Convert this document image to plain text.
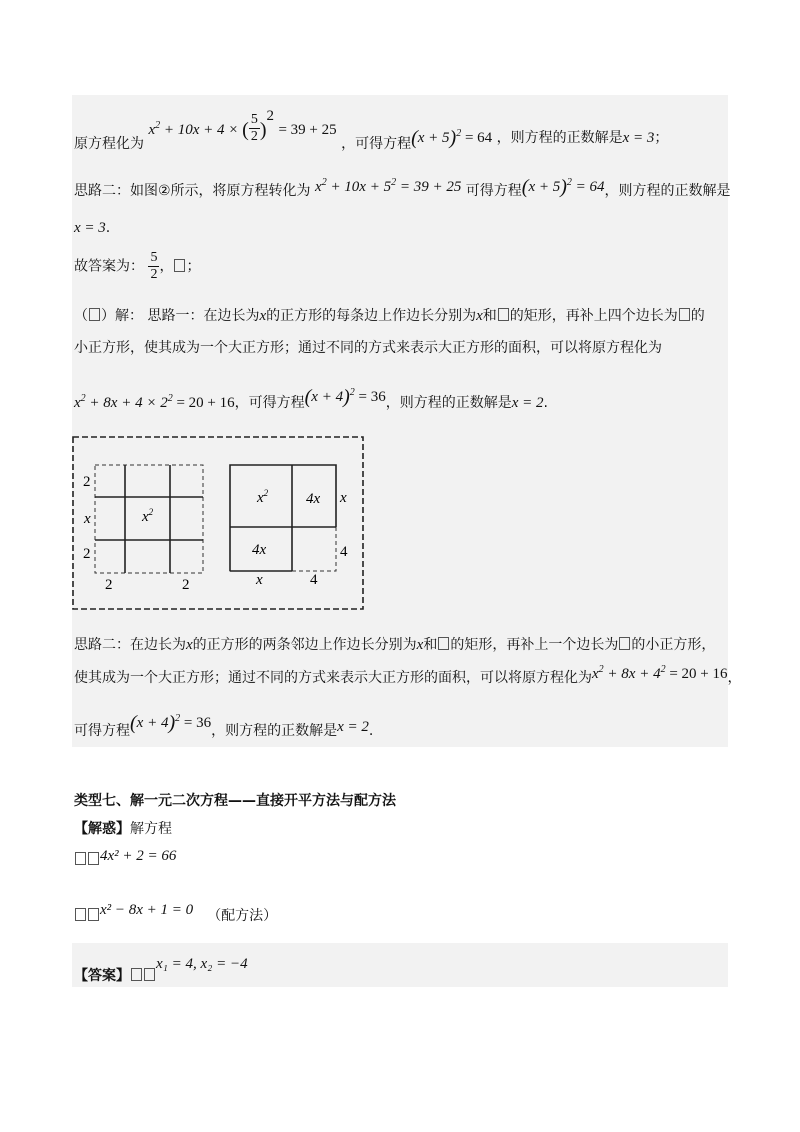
原方程化为 $x^2 + 10x + 4$ × ( $\frac{5}{2} )^2 = 39 + 25$ ，可得方程$(x + 5)^2 = 64$ ，则方程的正数解是x = 3；
思路二：如图②所示，将原方程转化为 $x^2 + 10x + 5^2 = 39 + 25$ 可得方程$(x + 5)^2 = 64$，则方程的正数解是
x = 3.
故答案为： $\frac{5}{2}$ ， ；
（ ）解： 思路一：在边长为x的正方形的每条边上作边长分别为x和 的矩形，再补上四个边长为 的
小正方形，使其成为一个大正方形；通过不同的方式来表示大正方形的面积，可以将原方程化为
$x^2 + 8x + 4 \times 2^2 = 20 + 16$，可得方程$(x + 4)^2 = 36$，则方程的正数解是x = 2.
2
x
2
2	2
$x^2$
$x^2$	4x x
4x	4
x	4
思路二：在边长为x的正方形的两条邻边上作边长分别为x和 的矩形，再补上一个边长为 的小正方形，
使其成为一个大正方形；通过不同的方式来表示大正方形的面积，可以将原方程化为$x^2 + 8x + 4^2 = 20 + 16$，
可得方程$(x + 4)^2 = 36$，则方程的正数解是x = 2.
类型七、解一元二次方程——直接开平方法与配方法
【解惑】解方程
4x² + 2 = 66
x² − 8x + 1 = 0 （配方法）
【答案】x₁ = 4, x₂ = −4
